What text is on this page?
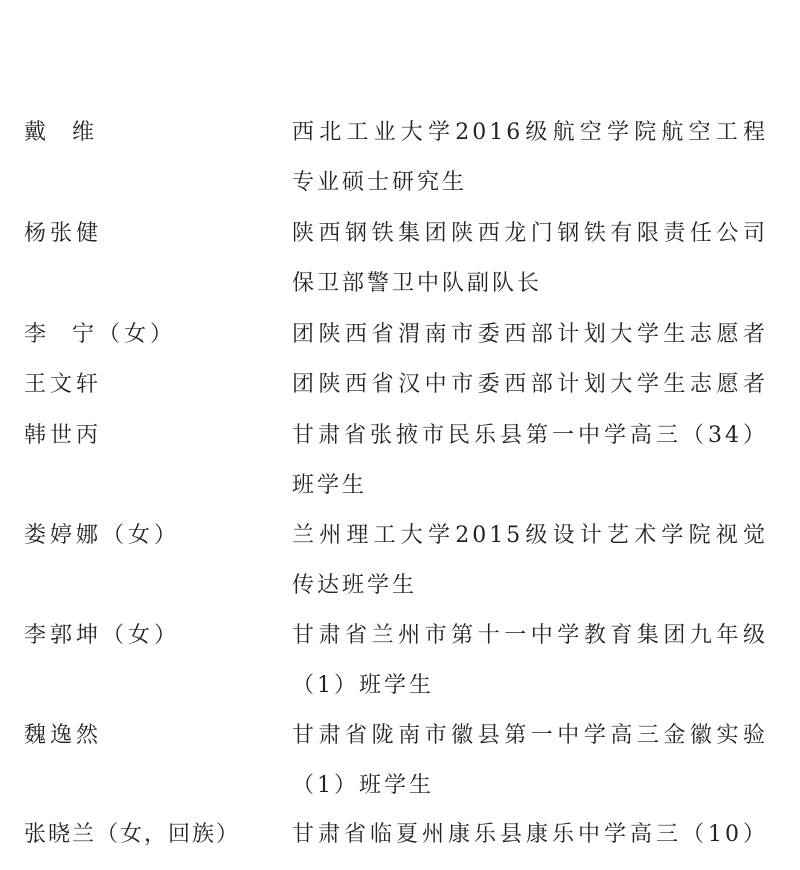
戴  维	西北工业大学2016级航空学院航空工程
专业硕士研究生
杨张健	陕西钢铁集团陕西龙门钢铁有限责任公司
保卫部警卫中队副队长
李  宁（女）	团陕西省渭南市委西部计划大学生志愿者
王文轩	团陕西省汉中市委西部计划大学生志愿者
韩世丙	甘肃省张掖市民乐县第一中学高三（34）
班学生
娄婷娜（女）	兰州理工大学2015级设计艺术学院视觉
传达班学生
李郭坤（女）	甘肃省兰州市第十一中学教育集团九年级
（1）班学生
魏逸然	甘肃省陇南市徽县第一中学高三金徽实验
（1）班学生
张晓兰（女，回族） 甘肃省临夏州康乐县康乐中学高三（10）
